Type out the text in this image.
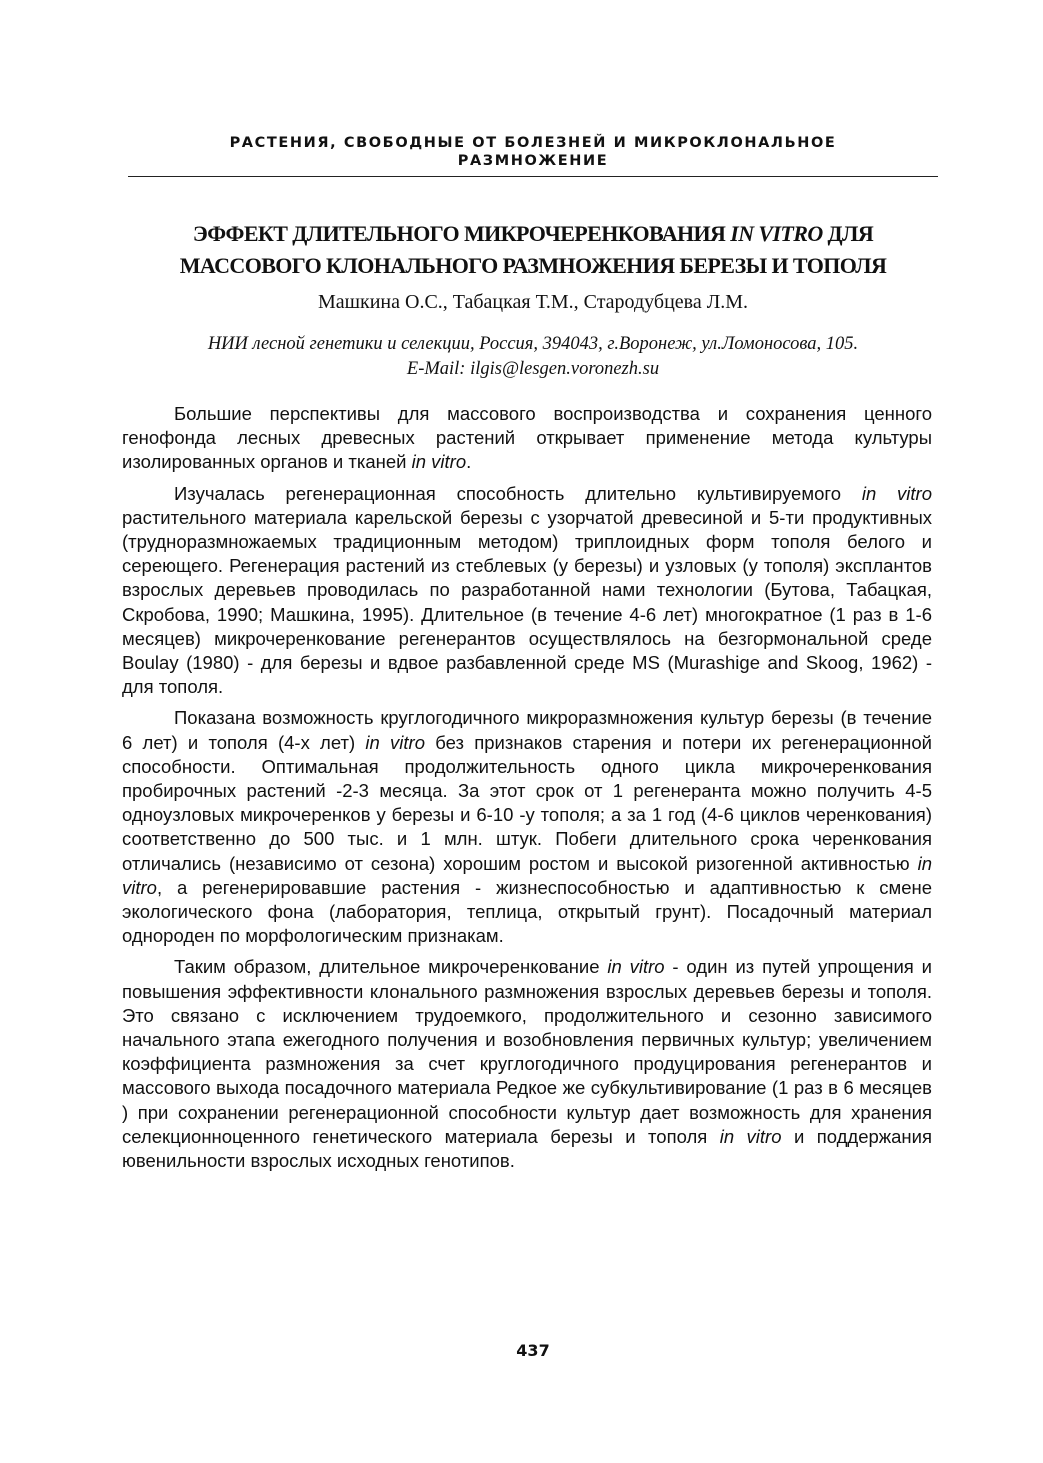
РАСТЕНИЯ, СВОБОДНЫЕ ОТ БОЛЕЗНЕЙ И МИКРОКЛОНАЛЬНОЕ
РАЗМНОЖЕНИЕ
ЭФФЕКТ ДЛИТЕЛЬНОГО МИКРОЧЕРЕНКОВАНИЯ IN VITRO ДЛЯ
МАССОВОГО КЛОНАЛЬНОГО РАЗМНОЖЕНИЯ БЕРЕЗЫ И ТОПОЛЯ
Машкина О.С., Табацкая Т.М., Стародубцева Л.М.
НИИ лесной генетики и селекции, Россия, 394043, г.Воронеж, ул.Ломоносова, 105.
E-Mail: ilgis@lesgen.voronezh.su

Большие перспективы для массового воспроизводства и сохранения ценного генофонда лесных древесных растений открывает применение метода культуры изолированных органов и тканей in vitro.

Изучалась регенерационная способность длительно культивируемого in vitro растительного материала карельской березы с узорчатой древесиной и 5-ти продуктивных (трудноразмножаемых традиционным методом) триплоидных форм тополя белого и сереющего. Регенерация растений из стеблевых (у березы) и узловых (у тополя) эксплантов взрослых деревьев проводилась по разработанной нами технологии (Бутова, Табацкая, Скробова, 1990; Машкина, 1995). Длительное (в течение 4-6 лет) многократное (1 раз в 1-6 месяцев) микрочеренкование регенерантов осуществлялось на безгормональной среде Boulay (1980) - для березы и вдвое разбавленной среде MS (Murashige and Skoog, 1962) - для тополя.

Показана возможность круглогодичного микроразмножения культур березы (в течение 6 лет) и тополя (4-х лет) in vitro без признаков старения и потери их регенерационной способности. Оптимальная продолжительность одного цикла микрочеренкования пробирочных растений -2-3 месяца. За этот срок от 1 регенеранта можно получить 4-5 одноузловых микрочеренков у березы и 6-10 -у тополя; а за 1 год (4-6 циклов черенкования) соответственно до 500 тыс. и 1 млн. штук. Побеги длительного срока черенкования отличались (независимо от сезона) хорошим ростом и высокой ризогенной активностью in vitro, а регенерировавшие растения - жизнеспособностью и адаптивностью к смене экологического фона (лаборатория, теплица, открытый грунт). Посадочный материал однороден по морфологическим признакам.

Таким образом, длительное микрочеренкование in vitro - один из путей упрощения и повышения эффективности клонального размножения взрослых деревьев березы и тополя. Это связано с исключением трудоемкого, продолжительного и сезонно зависимого начального этапа ежегодного получения и возобновления первичных культур; увеличением коэффициента размножения за счет круглогодичного продуцирования регенерантов и массового выхода посадочного материала Редкое же субкультивирование (1 раз в 6 месяцев ) при сохранении регенерационной способности культур дает возможность для хранения селекционноценного генетического материала березы и тополя in vitro и поддержания ювенильности взрослых исходных генотипов.

437
